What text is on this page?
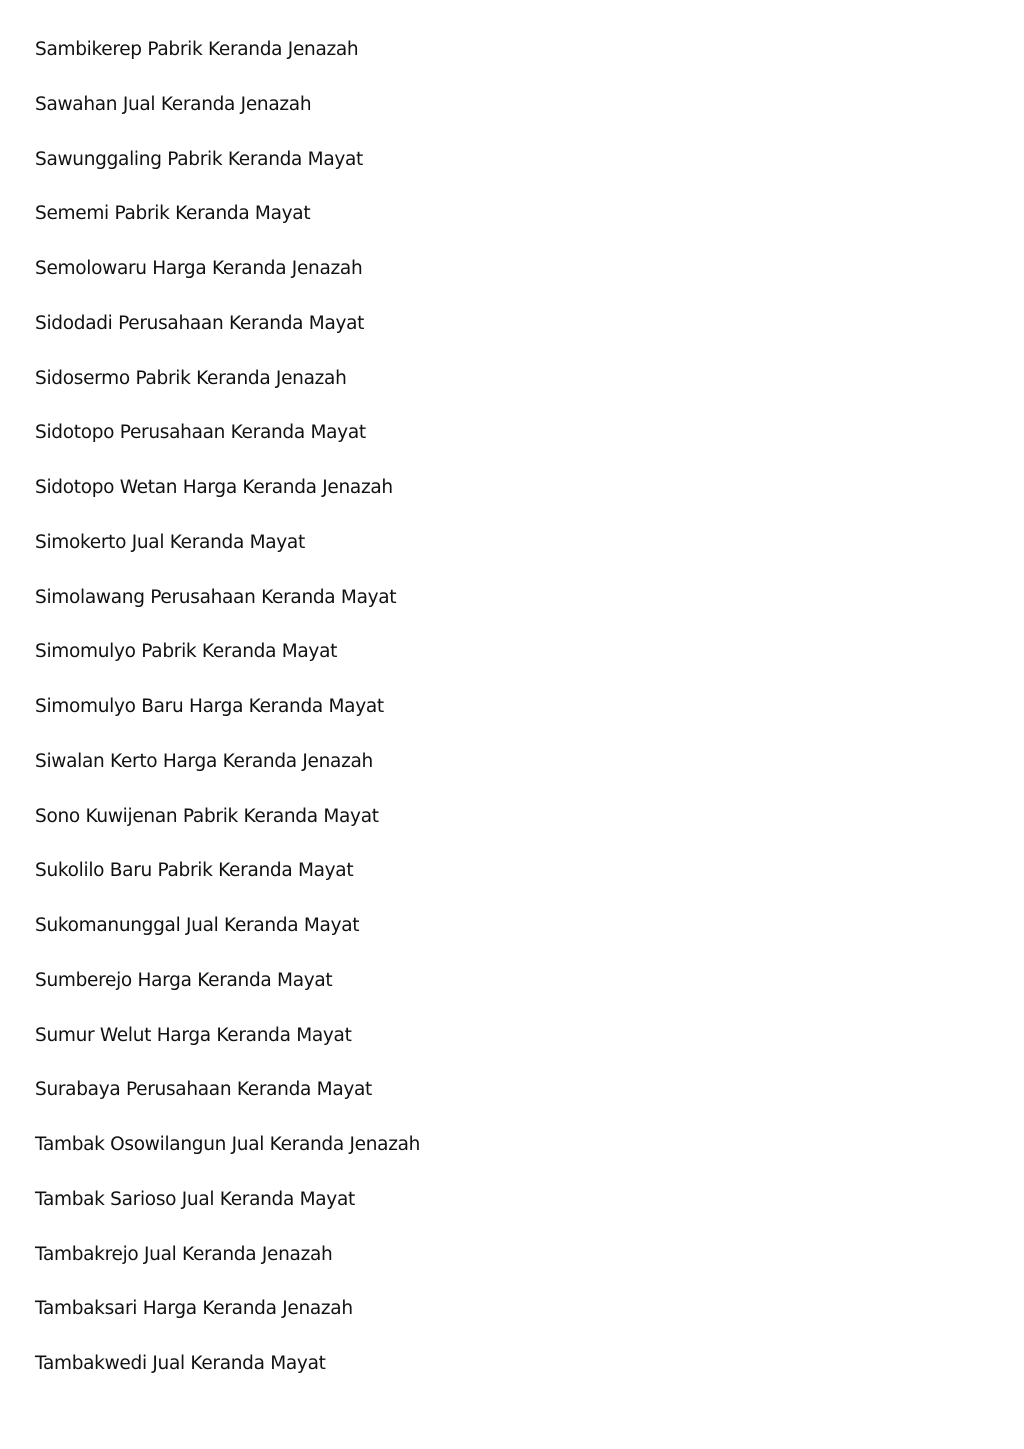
Sambikerep Pabrik Keranda Jenazah
Sawahan Jual Keranda Jenazah
Sawunggaling Pabrik Keranda Mayat
Sememi Pabrik Keranda Mayat
Semolowaru Harga Keranda Jenazah
Sidodadi Perusahaan Keranda Mayat
Sidosermo Pabrik Keranda Jenazah
Sidotopo Perusahaan Keranda Mayat
Sidotopo Wetan Harga Keranda Jenazah
Simokerto Jual Keranda Mayat
Simolawang Perusahaan Keranda Mayat
Simomulyo Pabrik Keranda Mayat
Simomulyo Baru Harga Keranda Mayat
Siwalan Kerto Harga Keranda Jenazah
Sono Kuwijenan Pabrik Keranda Mayat
Sukolilo Baru Pabrik Keranda Mayat
Sukomanunggal Jual Keranda Mayat
Sumberejo Harga Keranda Mayat
Sumur Welut Harga Keranda Mayat
Surabaya Perusahaan Keranda Mayat
Tambak Osowilangun Jual Keranda Jenazah
Tambak Sarioso Jual Keranda Mayat
Tambakrejo Jual Keranda Jenazah
Tambaksari Harga Keranda Jenazah
Tambakwedi Jual Keranda Mayat
